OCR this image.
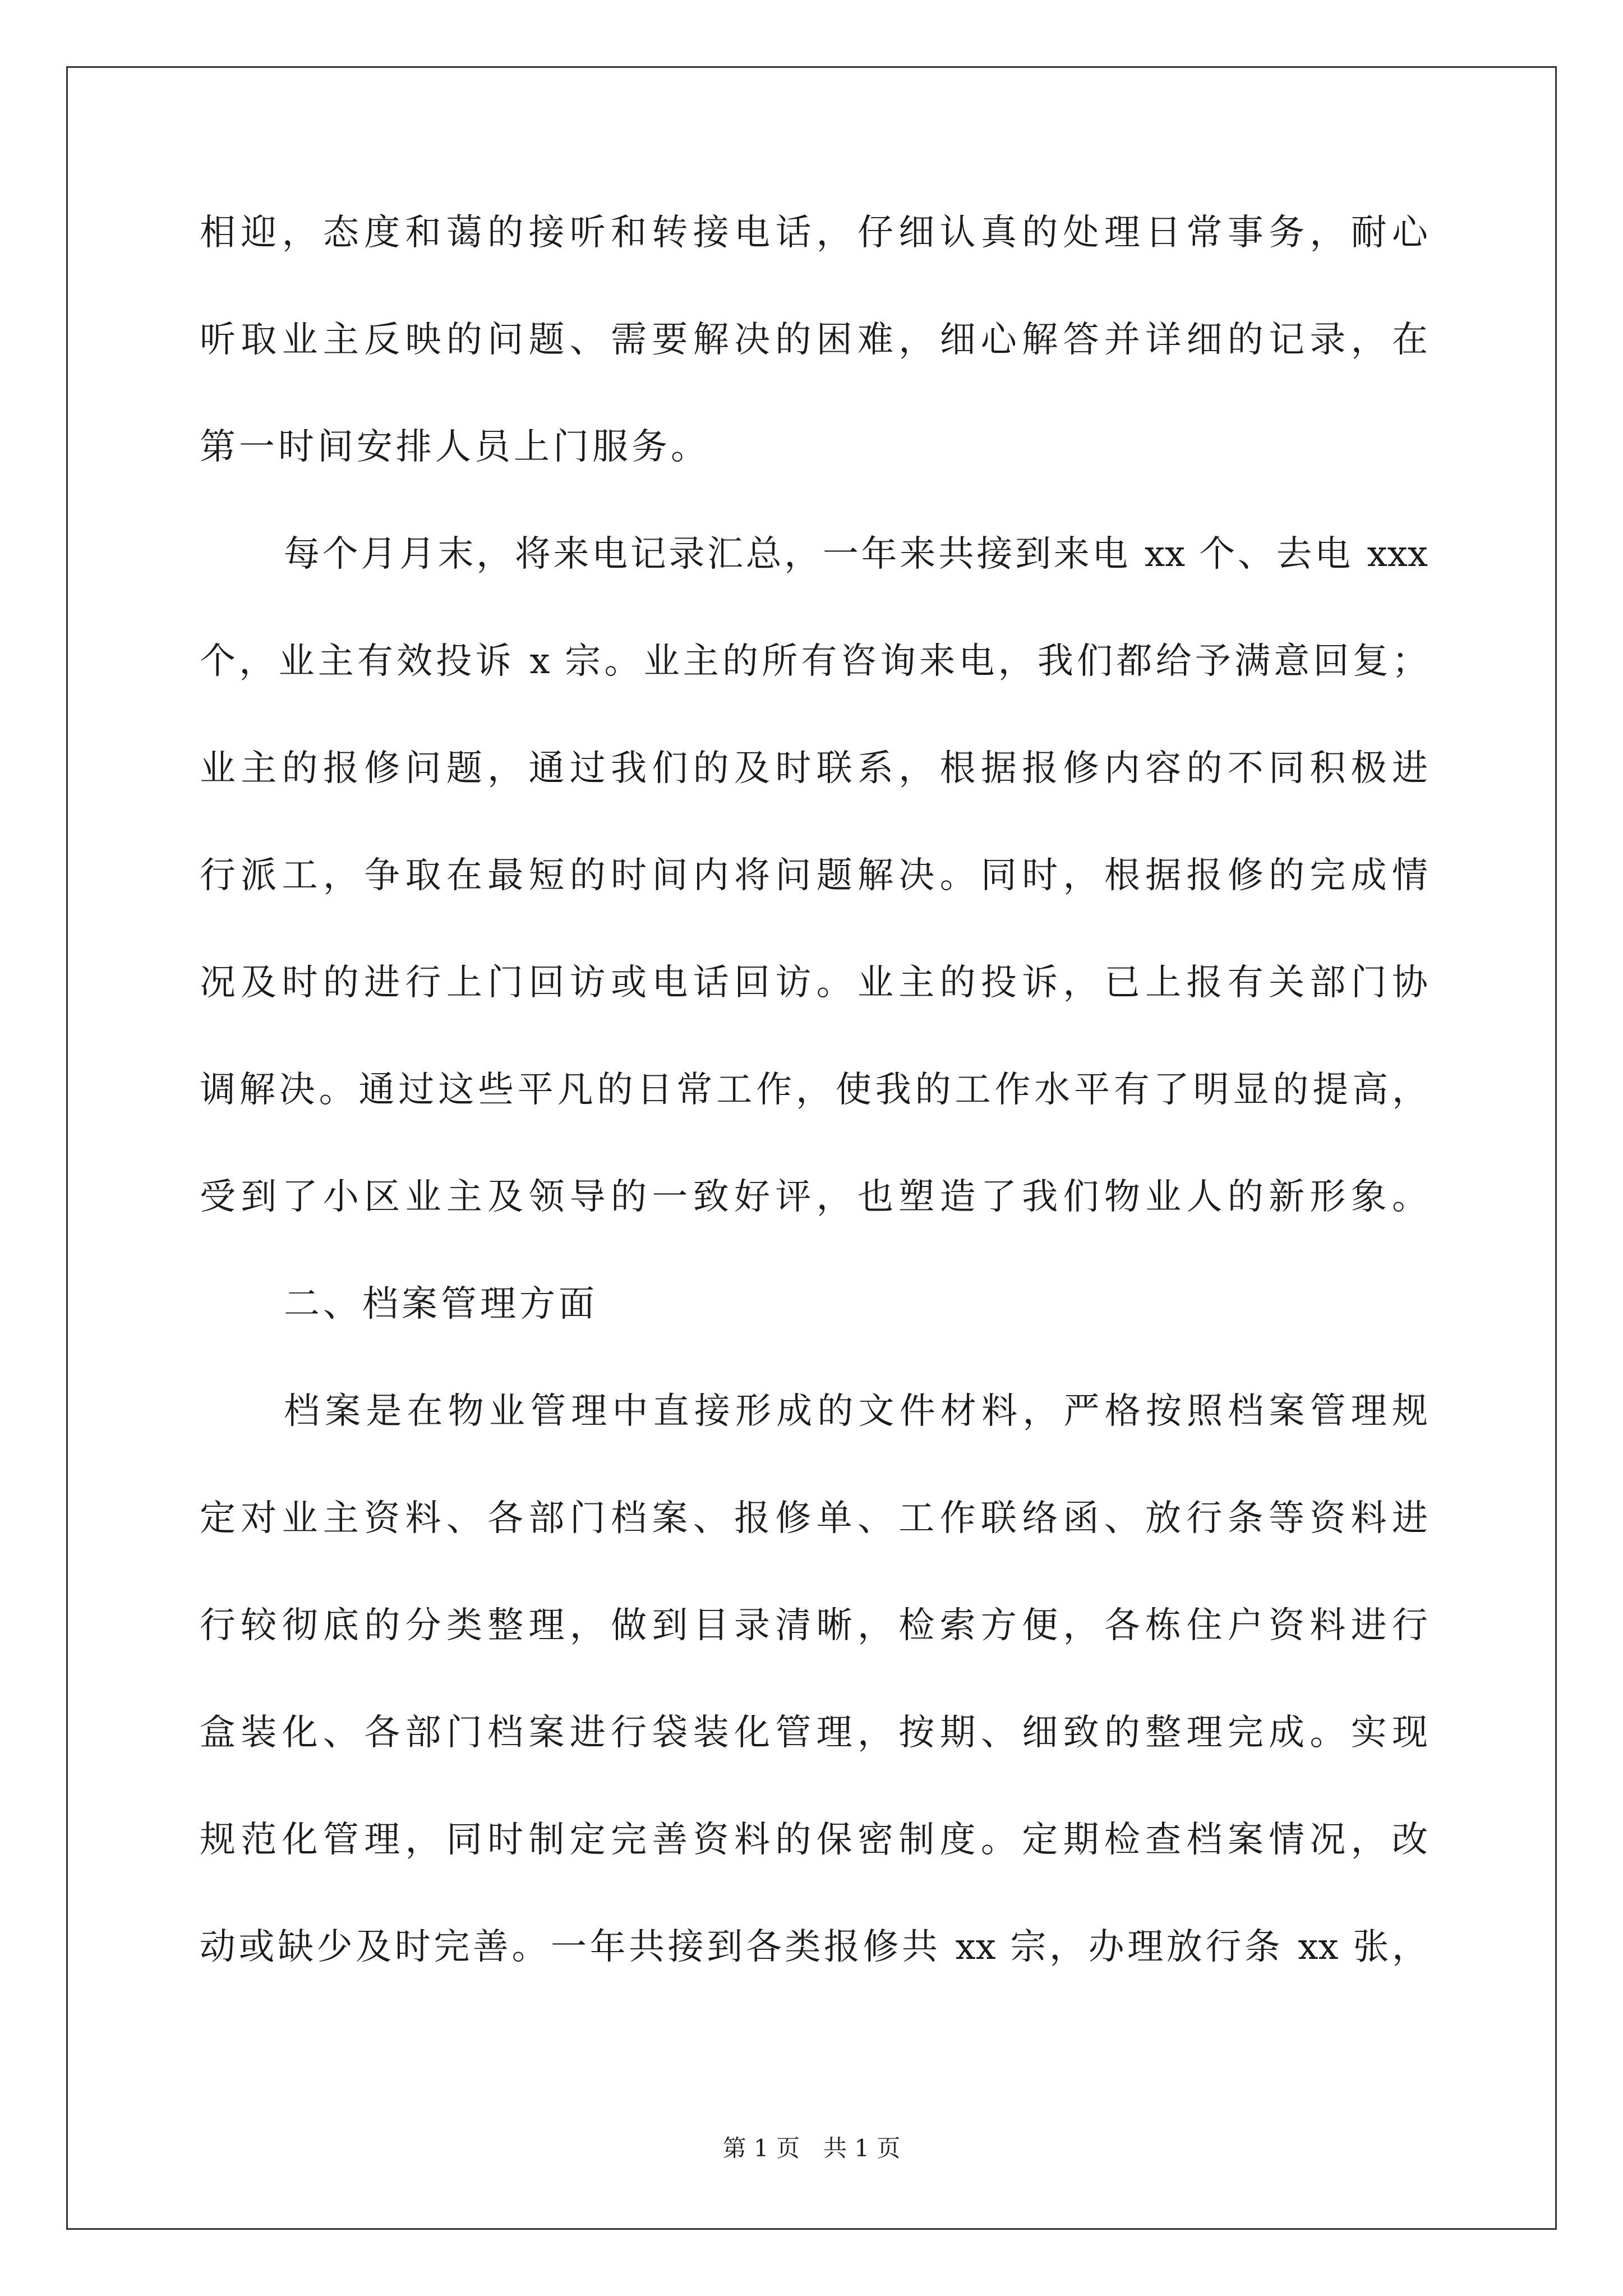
相迎，态度和蔼的接听和转接电话，仔细认真的处理日常事务，耐心
听取业主反映的问题、需要解决的困难，细心解答并详细的记录，在
第一时间安排人员上门服务。
每个月月末，将来电记录汇总，一年来共接到来电 xx 个、去电 xxx
个，业主有效投诉 x 宗。业主的所有咨询来电，我们都给予满意回复；
业主的报修问题，通过我们的及时联系，根据报修内容的不同积极进
行派工，争取在最短的时间内将问题解决。同时，根据报修的完成情
况及时的进行上门回访或电话回访。业主的投诉，已上报有关部门协
调解决。通过这些平凡的日常工作，使我的工作水平有了明显的提高，
受到了小区业主及领导的一致好评，也塑造了我们物业人的新形象。
二、档案管理方面
档案是在物业管理中直接形成的文件材料，严格按照档案管理规
定对业主资料、各部门档案、报修单、工作联络函、放行条等资料进
行较彻底的分类整理，做到目录清晰，检索方便，各栋住户资料进行
盒装化、各部门档案进行袋装化管理，按期、细致的整理完成。实现
规范化管理，同时制定完善资料的保密制度。定期检查档案情况，改
动或缺少及时完善。一年共接到各类报修共 xx 宗，办理放行条 xx 张，
第 1 页　共 1 页
